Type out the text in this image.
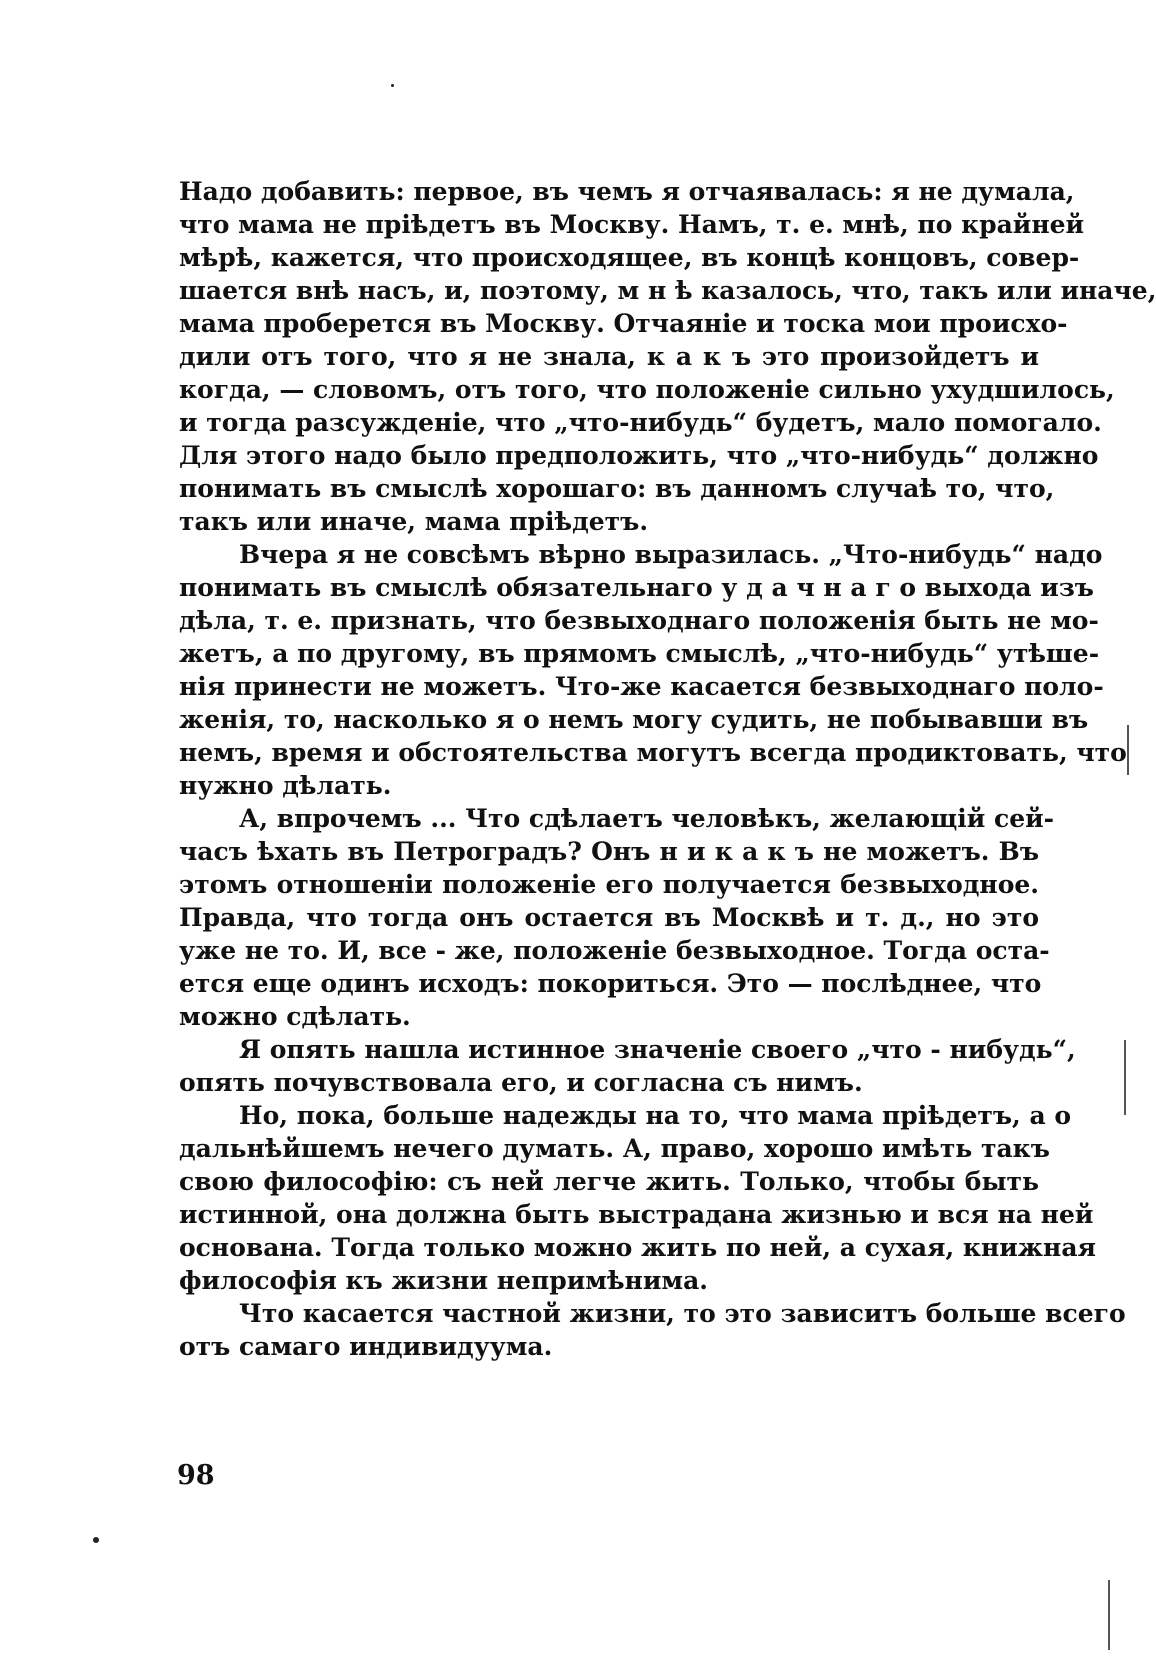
Надо добавить: первое, въ чемъ я отчаявалась: я не думала,
что мама не пріѣдетъ въ Москву. Намъ, т. е. мнѣ, по крайней
мѣрѣ, кажется, что происходящее, въ концѣ концовъ, совер-
шается внѣ насъ, и, поэтому, м н ѣ казалось, что, такъ или иначе,
мама проберется въ Москву. Отчаяніе и тоска мои происхо-
дили отъ того, что я не знала, к а к ъ это произойдетъ и
когда, — словомъ, отъ того, что положеніе сильно ухудшилось,
и тогда разсужденіе, что „что-нибудь“ будетъ, мало помогало.
Для этого надо было предположить, что „что-нибудь“ должно
понимать въ смыслѣ хорошаго: въ данномъ случаѣ то, что,
такъ или иначе, мама пріѣдетъ.
Вчера я не совсѣмъ вѣрно выразилась. „Что-нибудь“ надо
понимать въ смыслѣ обязательнаго у д а ч н а г о выхода изъ
дѣла, т. е. признать, что безвыходнаго положенія быть не мо-
жетъ, а по другому, въ прямомъ смыслѣ, „что-нибудь“ утѣше-
нія принести не можетъ. Что-же касается безвыходнаго поло-
женія, то, насколько я о немъ могу судить, не побывавши въ
немъ, время и обстоятельства могутъ всегда продиктовать, что
нужно дѣлать.
А, впрочемъ ... Что сдѣлаетъ человѣкъ, желающій сей-
часъ ѣхать въ Петроградъ? Онъ н и к а к ъ не можетъ. Въ
этомъ отношеніи положеніе его получается безвыходное.
Правда, что тогда онъ остается въ Москвѣ и т. д., но это
уже не то. И, все - же, положеніе безвыходное. Тогда оста-
ется еще одинъ исходъ: покориться. Это — послѣднее, что
можно сдѣлать.
Я опять нашла истинное значеніе своего „что - нибудь“,
опять почувствовала его, и согласна съ нимъ.
Но, пока, больше надежды на то, что мама пріѣдетъ, а о
дальнѣйшемъ нечего думать. А, право, хорошо имѣть такъ
свою философію: съ ней легче жить. Только, чтобы быть
истинной, она должна быть выстрадана жизнью и вся на ней
основана. Тогда только можно жить по ней, а сухая, книжная
философія къ жизни непримѣнима.
Что касается частной жизни, то это зависитъ больше всего
отъ самаго индивидуума.
98
